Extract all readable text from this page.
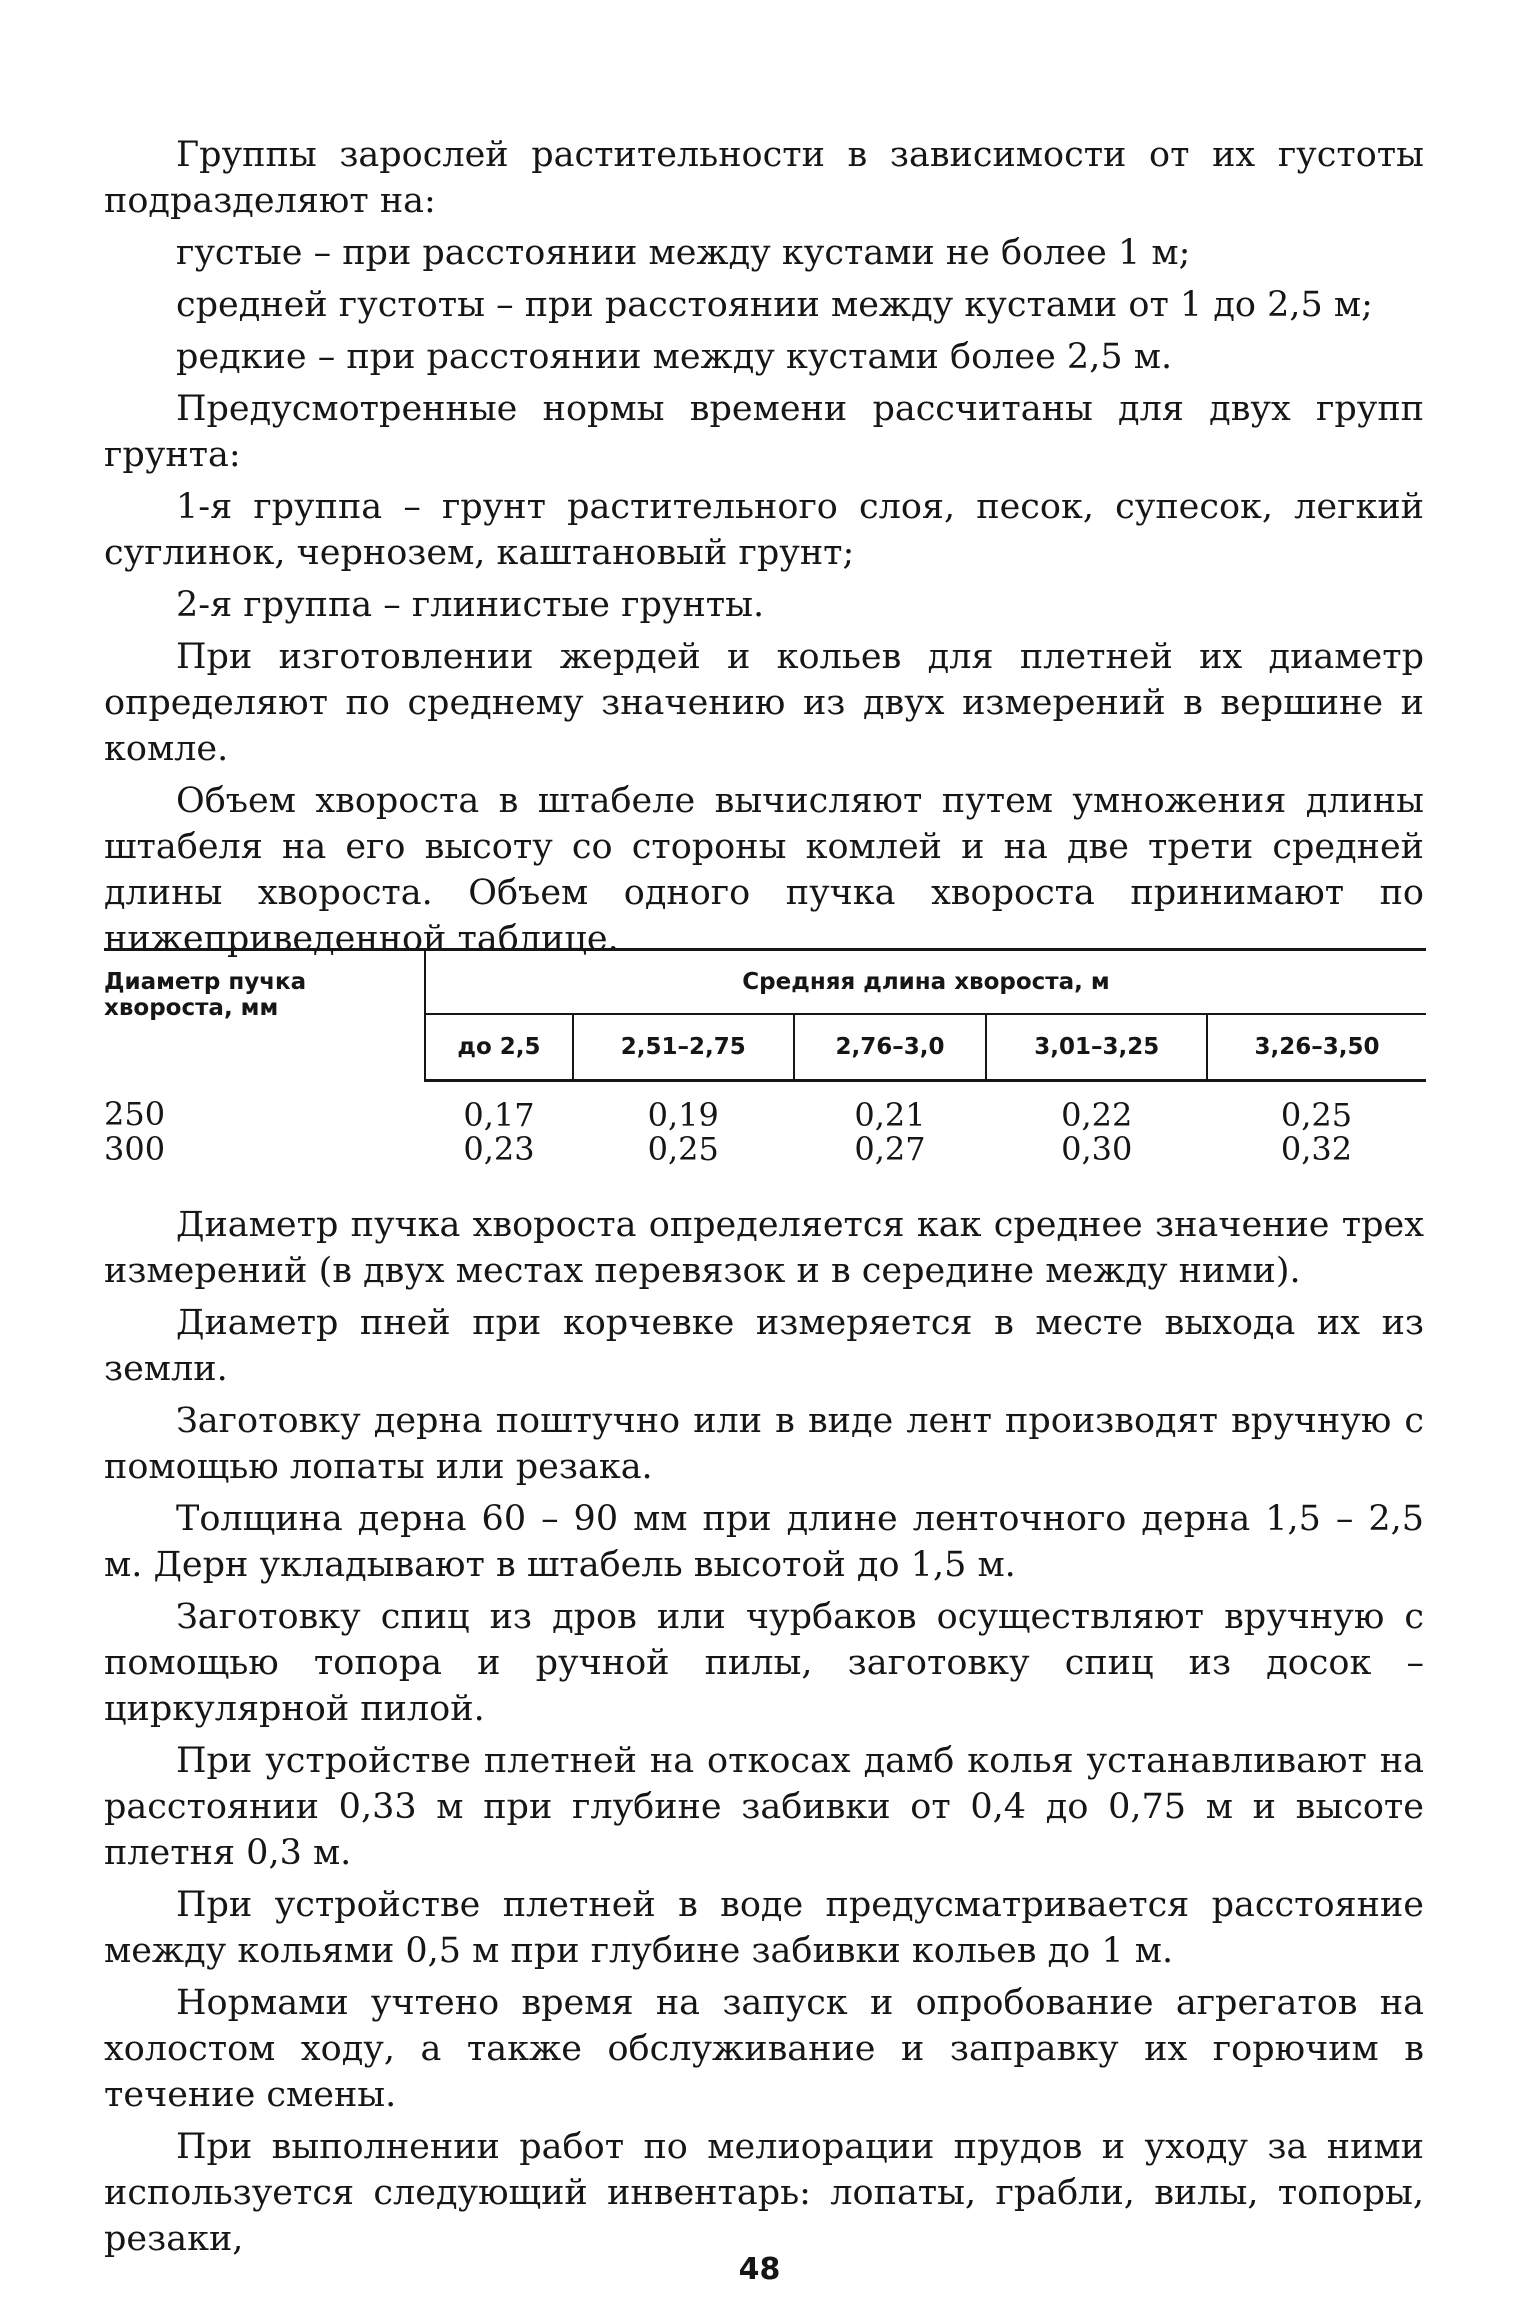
Группы зарослей растительности в зависимости от их густоты подразделяют на:

густые – при расстоянии между кустами не более 1 м;

средней густоты – при расстоянии между кустами от 1 до 2,5 м;

редкие – при расстоянии между кустами более 2,5 м.

Предусмотренные нормы времени рассчитаны для двух групп грунта:

1-я группа – грунт растительного слоя, песок, супесок, легкий суглинок, чернозем, каштановый грунт;

2-я группа – глинистые грунты.

При изготовлении жердей и кольев для плетней их диаметр определяют по среднему значению из двух измерений в вершине и комле.

Объем хвороста в штабеле вычисляют путем умножения длины штабеля на его высоту со стороны комлей и на две трети средней длины хвороста. Объем одного пучка хвороста принимают по нижеприведенной таблице.

Диаметр пучка хвороста, мм	Средняя длина хвороста, м				
	до 2,5	2,51–2,75	2,76–3,0	3,01–3,25	3,26–3,50
250	0,17	0,19	0,21	0,22	0,25
300	0,23	0,25	0,27	0,30	0,32

Диаметр пучка хвороста определяется как среднее значение трех измерений (в двух местах перевязок и в середине между ними).

Диаметр пней при корчевке измеряется в месте выхода их из земли.

Заготовку дерна поштучно или в виде лент производят вручную с помощью лопаты или резака.

Толщина дерна 60 – 90 мм при длине ленточного дерна 1,5 – 2,5 м. Дерн укладывают в штабель высотой до 1,5 м.

Заготовку спиц из дров или чурбаков осуществляют вручную с помощью топора и ручной пилы, заготовку спиц из досок – циркулярной пилой.

При устройстве плетней на откосах дамб колья устанавливают на расстоянии 0,33 м при глубине забивки от 0,4 до 0,75 м и высоте плетня 0,3 м.

При устройстве плетней в воде предусматривается расстояние между кольями 0,5 м при глубине забивки кольев до 1 м.

Нормами учтено время на запуск и опробование агрегатов на холостом ходу, а также обслуживание и заправку их горючим в течение смены.

При выполнении работ по мелиорации прудов и уходу за ними используется следующий инвентарь: лопаты, грабли, вилы, топоры, резаки,

48
